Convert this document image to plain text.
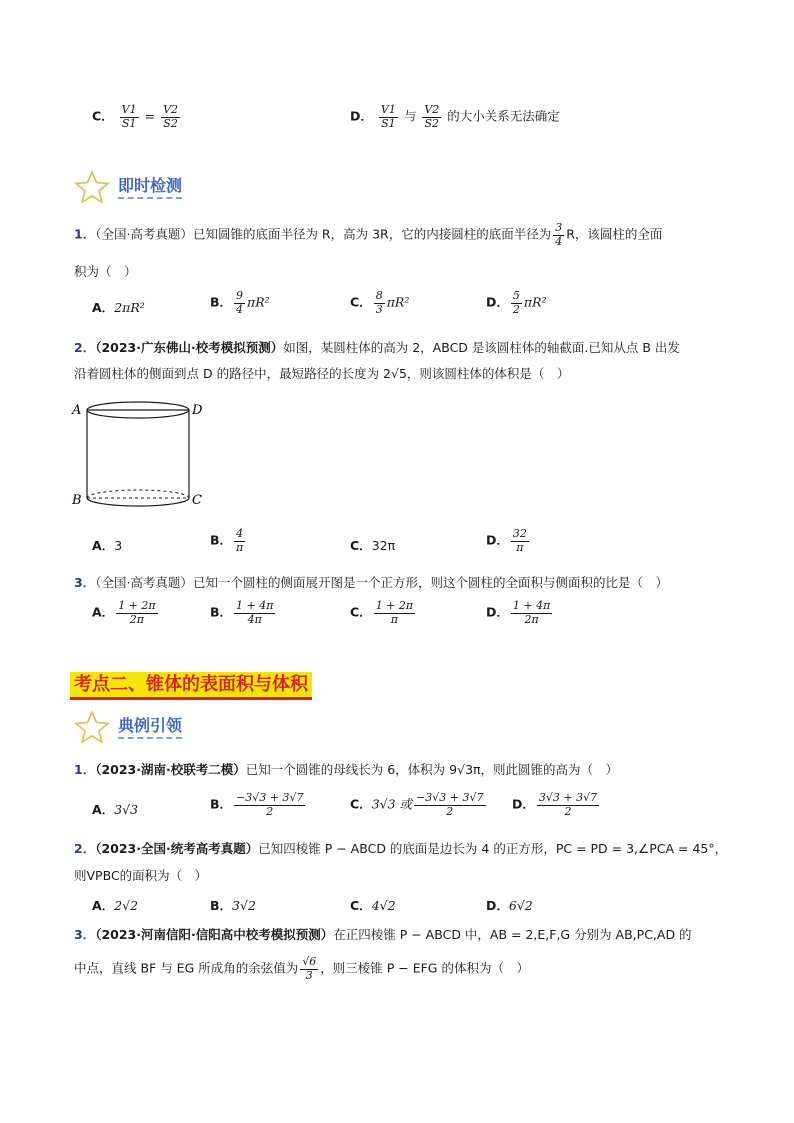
C． $\frac{V1}{S1} = \frac{V2}{S2}$	D． $\frac{V1}{S1}$ 与 $\frac{V2}{S2}$ 的大小关系无法确定
即时检测
1．（全国·高考真题）已知圆锥的底面半径为 R，高为 3R，它的内接圆柱的底面半径为 $\frac{3}{4}$ R，该圆柱的全面
积为（　）
A．2πR²	B． $\frac{9}{4} \pi R^2$	C． $\frac{8}{3} \pi R^2$	D． $\frac{5}{2} \pi R^2$
2．（2023·广东佛山·校考模拟预测）如图，某圆柱体的高为 2，ABCD 是该圆柱体的轴截面.已知从点 B 出发
沿着圆柱体的侧面到点 D 的路径中，最短路径的长度为 2√5，则该圆柱体的体积是（　）
A	D
B	C
A．3	B． $\frac{4}{\pi}$	C．32π	D． $\frac{32}{\pi}$
3．（全国·高考真题）已知一个圆柱的侧面展开图是一个正方形，则这个圆柱的全面积与侧面积的比是（　）
A． $\frac{1 + 2\pi}{2\pi}$	B． $\frac{1 + 4\pi}{4\pi}$	C． $\frac{1 + 2\pi}{\pi}$	D． $\frac{1 + 4\pi}{2\pi}$
考点二、锥体的表面积与体积
典例引领
1．（2023·湖南·校联考二模）已知一个圆锥的母线长为 6，体积为 9√3π，则此圆锥的高为（　）
A．3√3	B． $\frac{-3√3 + 3√7}{2}$	C．3√3 或 $\frac{-3√3 + 3√7}{2}$ D． $\frac{3√3 + 3√7}{2}$
2．（2023·全国·统考高考真题）已知四棱锥 P − ABCD 的底面是边长为 4 的正方形，PC = PD = 3,∠PCA = 45°，
则VPBC的面积为（　）
A．2√2	B．3√2	C．4√2	D．6√2
3．（2023·河南信阳·信阳高中校考模拟预测）在正四棱锥 P − ABCD 中，AB = 2,E,F,G 分别为 AB,PC,AD 的
中点，直线 BF 与 EG 所成角的余弦值为 $\frac{√6}{3}$ ，则三棱锥 P − EFG 的体积为（　）
